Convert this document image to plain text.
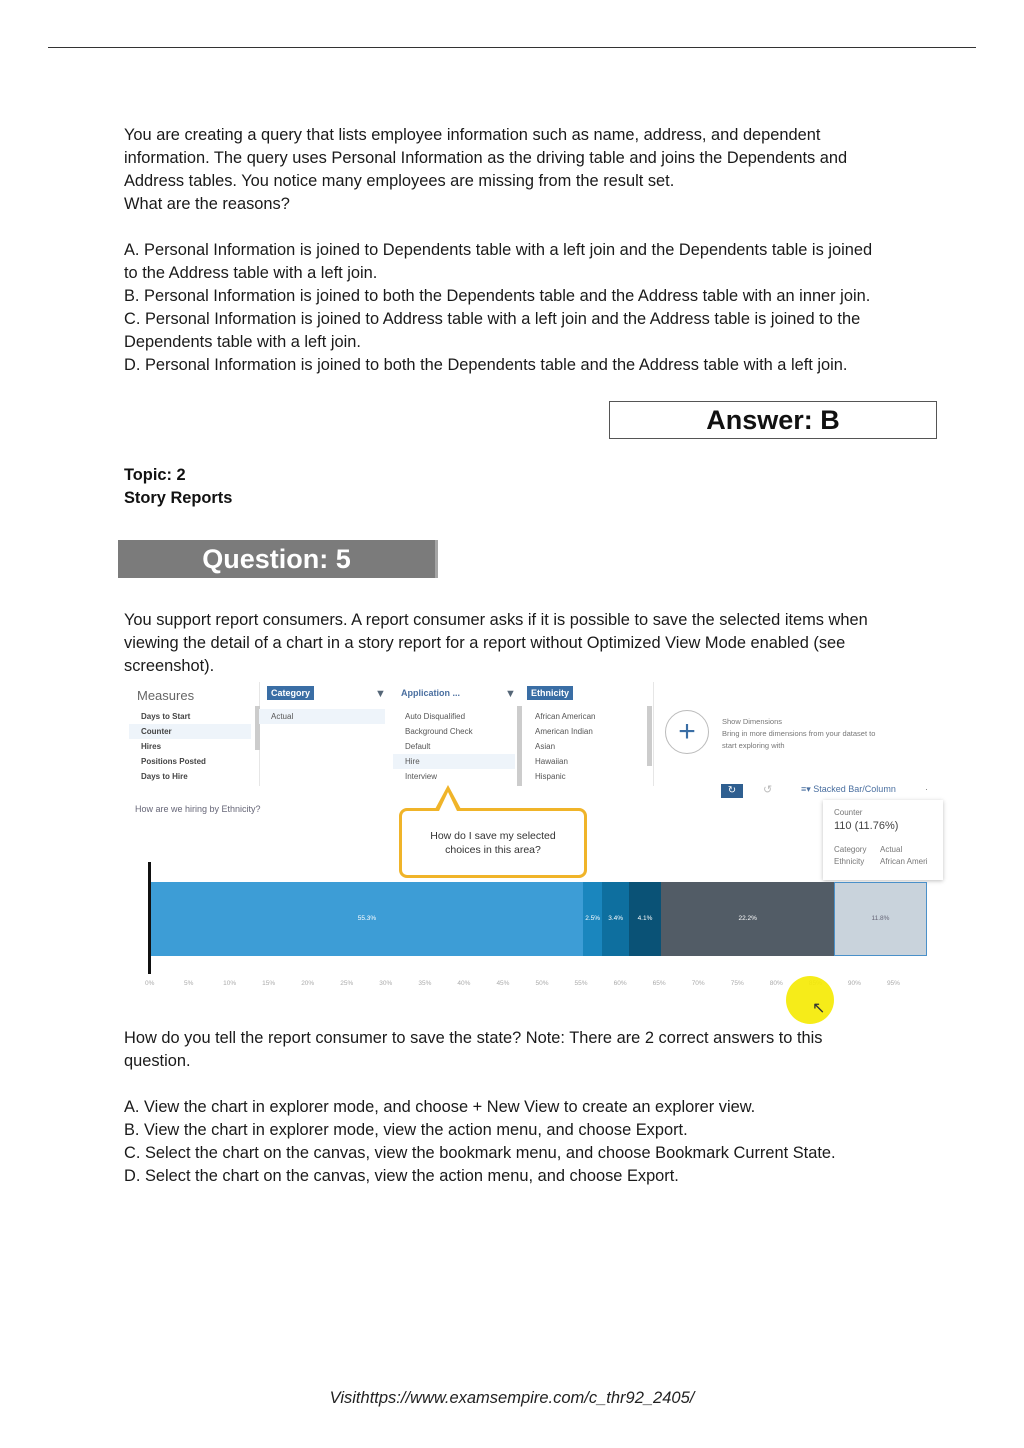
You are creating a query that lists employee information such as name, address, and dependent

information. The query uses Personal Information as the driving table and joins the Dependents and

Address tables. You notice many employees are missing from the result set.

What are the reasons?

A. Personal Information is joined to Dependents table with a left join and the Dependents table is joined

to the Address table with a left join.

B. Personal Information is joined to both the Dependents table and the Address table with an inner join.

C. Personal Information is joined to Address table with a left join and the Address table is joined to the

Dependents table with a left join.

D. Personal Information is joined to both the Dependents table and the Address table with a left join.

Answer: B
Topic: 2
Story Reports
Question: 5

You support report consumers. A report consumer asks if it is possible to save the selected items when

viewing the detail of a chart in a story report for a report without Optimized View Mode enabled (see

screenshot).

Measures
Days to Start
Counter
Hires
Positions Posted
Days to Hire
Category	▼
Actual
Application ...	▼
Auto Disqualified
Background Check
Default
Hire
Interview
Ethnicity
African American
American Indian
Asian
Hawaiian
Hispanic
+	Show Dimensions
Bring in more dimensions from your dataset to
start exploring with
How are we hiring by Ethnicity?
↻	↺	≡▾ Stacked Bar/Column	·
Counter
110 (11.76%)
Category Actual
Ethnicity African Ameri
How do I save my selected
choices in this area?
55.3%	2.5%	3.4%	4.1%	22.2%	11.8%
0%	5%	10%	15%	20%	25%	30%	35%	40%	45%	50%	55%	60%	65%	70%	75%	80%	90%	95%
↖

How do you tell the report consumer to save the state? Note: There are 2 correct answers to this

question.

A. View the chart in explorer mode, and choose + New View to create an explorer view.

B. View the chart in explorer mode, view the action menu, and choose Export.

C. Select the chart on the canvas, view the bookmark menu, and choose Bookmark Current State.

D. Select the chart on the canvas, view the action menu, and choose Export.

Visithttps://www.examsempire.com/c_thr92_2405/
